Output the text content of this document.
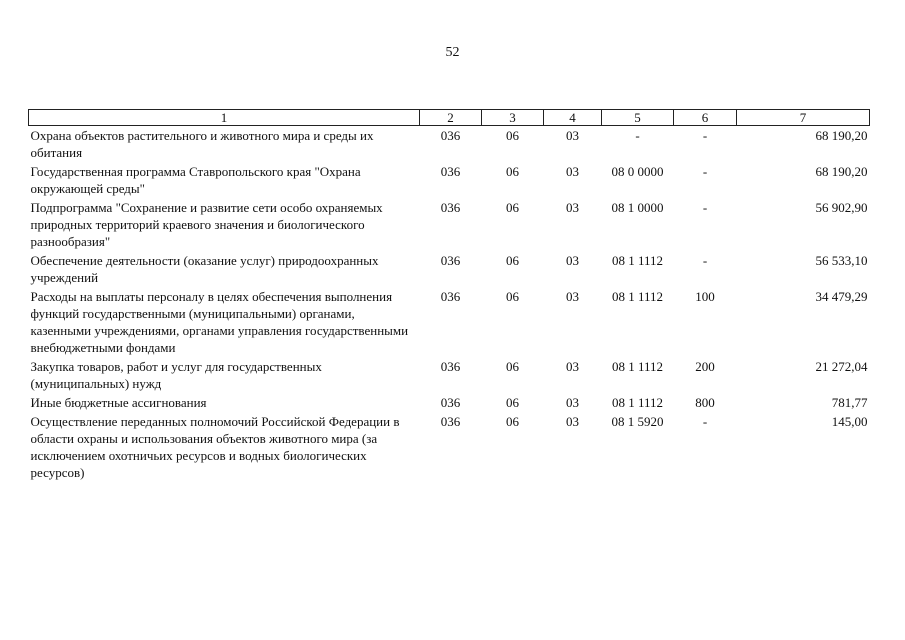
52
1	2	3	4	5	6	7
Охрана объектов растительного и животного мира и среды их обитания	036	06	03	-	-	68 190,20
Государственная программа Ставропольского края "Охрана окружающей среды"	036	06	03	08 0 0000	-	68 190,20
Подпрограмма "Сохранение и развитие сети особо охраняемых природных территорий краевого значения и биологического разнообразия"	036	06	03	08 1 0000	-	56 902,90
Обеспечение деятельности (оказание услуг) природоохранных учреждений	036	06	03	08 1 1112	-	56 533,10
Расходы на выплаты персоналу в целях обеспечения выполнения функций государственными (муниципальными) органами, казенными учреждениями, органами управления государственными внебюджетными фондами	036	06	03	08 1 1112	100	34 479,29
Закупка товаров, работ и услуг для государственных (муниципальных) нужд	036	06	03	08 1 1112	200	21 272,04
Иные бюджетные ассигнования	036	06	03	08 1 1112	800	781,77
Осуществление переданных полномочий Российской Федерации в области охраны и использования объектов животного мира (за исключением охотничьих ресурсов и водных биологических ресурсов)	036	06	03	08 1 5920	-	145,00
